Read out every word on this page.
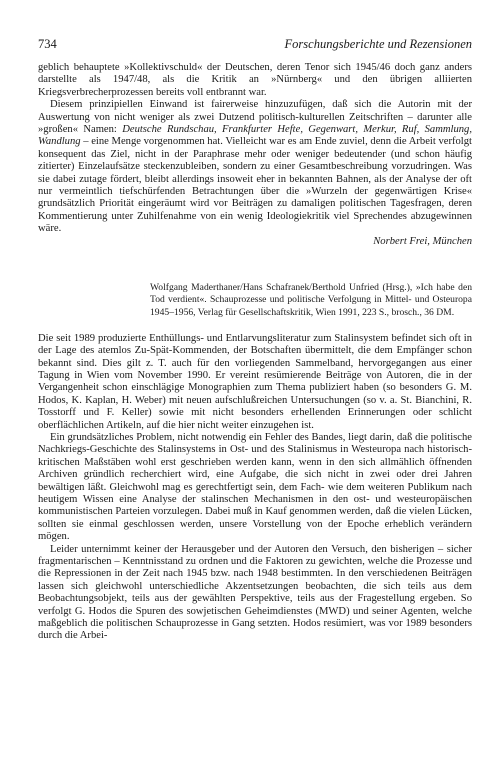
734	Forschungsberichte und Rezensionen

geblich behauptete »Kollektivschuld« der Deutschen, deren Tenor sich 1945/46 doch ganz anders darstellte als 1947/48, als die Kritik an »Nürnberg« und den übrigen alliierten Kriegsverbrecherprozessen bereits voll entbrannt war.

Diesem prinzipiellen Einwand ist fairerweise hinzuzufügen, daß sich die Autorin mit der Auswertung von nicht weniger als zwei Dutzend politisch-kulturellen Zeitschriften – darunter alle »großen« Namen: Deutsche Rundschau, Frankfurter Hefte, Gegenwart, Merkur, Ruf, Sammlung, Wandlung – eine Menge vorgenommen hat. Vielleicht war es am Ende zuviel, denn die Arbeit verfolgt konsequent das Ziel, nicht in der Paraphrase mehr oder weniger bedeutender (und schon häufig zitierter) Einzelaufsätze steckenzubleiben, sondern zu einer Gesamtbeschreibung vorzudringen. Was sie dabei zutage fördert, bleibt allerdings insoweit eher in bekannten Bahnen, als der Analyse der oft nur vermeintlich tiefschürfenden Betrachtungen über die »Wurzeln der gegenwärtigen Krise« grundsätzlich Priorität eingeräumt wird vor Beiträgen zu damaligen politischen Tagesfragen, deren Kommentierung unter Zuhilfenahme von ein wenig Ideologiekritik viel Sprechendes abzugewinnen wäre.

Norbert Frei, München

Wolfgang Maderthaner/Hans Schafranek/Berthold Unfried (Hrsg.), »Ich habe den Tod verdient«. Schauprozesse und politische Verfolgung in Mittel- und Osteuropa 1945–1956, Verlag für Gesellschaftskritik, Wien 1991, 223 S., brosch., 36 DM.

Die seit 1989 produzierte Enthüllungs- und Entlarvungsliteratur zum Stalinsystem befindet sich oft in der Lage des atemlos Zu-Spät-Kommenden, der Botschaften übermittelt, die dem Empfänger schon bekannt sind. Dies gilt z. T. auch für den vorliegenden Sammelband, hervorgegangen aus einer Tagung in Wien vom November 1990. Er vereint resümierende Beiträge von Autoren, die in der Vergangenheit schon einschlägige Monographien zum Thema publiziert haben (so besonders G. M. Hodos, K. Kaplan, H. Weber) mit neuen aufschlußreichen Untersuchungen (so v. a. St. Bianchini, R. Tosstorff und F. Keller) sowie mit nicht besonders erhellenden Erinnerungen oder schlicht oberflächlichen Artikeln, auf die hier nicht weiter einzugehen ist.

Ein grundsätzliches Problem, nicht notwendig ein Fehler des Bandes, liegt darin, daß die politische Nachkriegs-Geschichte des Stalinsystems in Ost- und des Stalinismus in Westeuropa nach historisch-kritischen Maßstäben wohl erst geschrieben werden kann, wenn in den sich allmählich öffnenden Archiven gründlich recherchiert wird, eine Aufgabe, die sich nicht in zwei oder drei Jahren bewältigen läßt. Gleichwohl mag es gerechtfertigt sein, dem Fach- wie dem weiteren Publikum nach heutigem Wissen eine Analyse der stalinschen Mechanismen in den ost- und westeuropäischen kommunistischen Parteien vorzulegen. Dabei muß in Kauf genommen werden, daß die vielen Lücken, sollten sie einmal geschlossen werden, unsere Vorstellung von der Epoche erheblich verändern mögen.

Leider unternimmt keiner der Herausgeber und der Autoren den Versuch, den bisherigen – sicher fragmentarischen – Kenntnisstand zu ordnen und die Faktoren zu gewichten, welche die Prozesse und die Repressionen in der Zeit nach 1945 bzw. nach 1948 bestimmten. In den verschiedenen Beiträgen lassen sich gleichwohl unterschiedliche Akzentsetzungen beobachten, die sich teils aus dem Beobachtungsobjekt, teils aus der gewählten Perspektive, teils aus der Fragestellung ergeben. So verfolgt G. Hodos die Spuren des sowjetischen Geheimdienstes (MWD) und seiner Agenten, welche maßgeblich die politischen Schauprozesse in Gang setzten. Hodos resümiert, was vor 1989 besonders durch die Arbei-
